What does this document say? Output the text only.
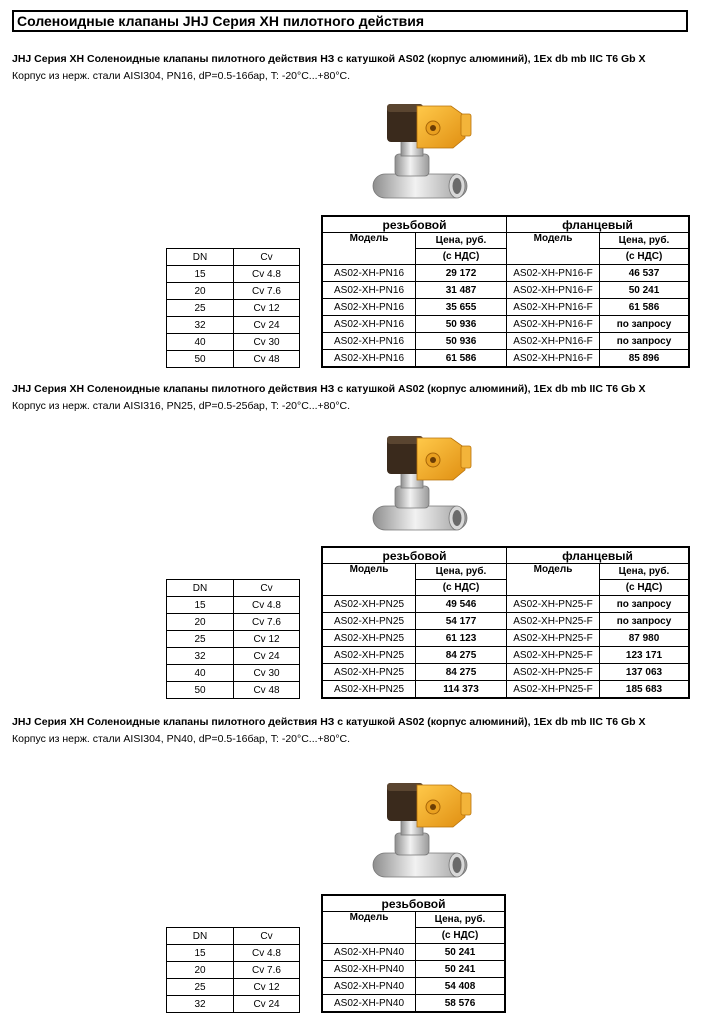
Соленоидные клапаны JHJ Серия XH пилотного действия
JHJ Серия XH Соленоидные клапаны пилотного действия НЗ с катушкой AS02 (корпус алюминий), 1Ex db mb IIC T6 Gb X
Корпус из нерж. стали AISI304, PN16, dP=0.5-16бар, T: -20°C...+80°C.
DN	Cv
15	Cv 4.8
20	Cv 7.6
25	Cv 12
32	Cv 24
40	Cv 30
50	Cv 48
резьбовой		фланцевый	
Модель	Цена, руб.	Модель	Цена, руб.
	(с НДС)		(с НДС)
AS02-XH-PN16	29 172	AS02-XH-PN16-F	46 537
AS02-XH-PN16	31 487	AS02-XH-PN16-F	50 241
AS02-XH-PN16	35 655	AS02-XH-PN16-F	61 586
AS02-XH-PN16	50 936	AS02-XH-PN16-F	по запросу
AS02-XH-PN16	50 936	AS02-XH-PN16-F	по запросу
AS02-XH-PN16	61 586	AS02-XH-PN16-F	85 896
JHJ Серия XH Соленоидные клапаны пилотного действия НЗ с катушкой AS02 (корпус алюминий), 1Ex db mb IIC T6 Gb X
Корпус из нерж. стали AISI316, PN25, dP=0.5-25бар, T: -20°C...+80°C.
DN	Cv
15	Cv 4.8
20	Cv 7.6
25	Cv 12
32	Cv 24
40	Cv 30
50	Cv 48
резьбовой		фланцевый	
Модель	Цена, руб.	Модель	Цена, руб.
	(с НДС)		(с НДС)
AS02-XH-PN25	49 546	AS02-XH-PN25-F	по запросу
AS02-XH-PN25	54 177	AS02-XH-PN25-F	по запросу
AS02-XH-PN25	61 123	AS02-XH-PN25-F	87 980
AS02-XH-PN25	84 275	AS02-XH-PN25-F	123 171
AS02-XH-PN25	84 275	AS02-XH-PN25-F	137 063
AS02-XH-PN25	114 373	AS02-XH-PN25-F	185 683
JHJ Серия XH Соленоидные клапаны пилотного действия НЗ с катушкой AS02 (корпус алюминий), 1Ex db mb IIC T6 Gb X
Корпус из нерж. стали AISI304, PN40, dP=0.5-16бар, T: -20°C...+80°C.
DN	Cv
15	Cv 4.8
20	Cv 7.6
25	Cv 12
32	Cv 24
резьбовой	
Модель	Цена, руб.
	(с НДС)
AS02-XH-PN40	50 241
AS02-XH-PN40	50 241
AS02-XH-PN40	54 408
AS02-XH-PN40	58 576
